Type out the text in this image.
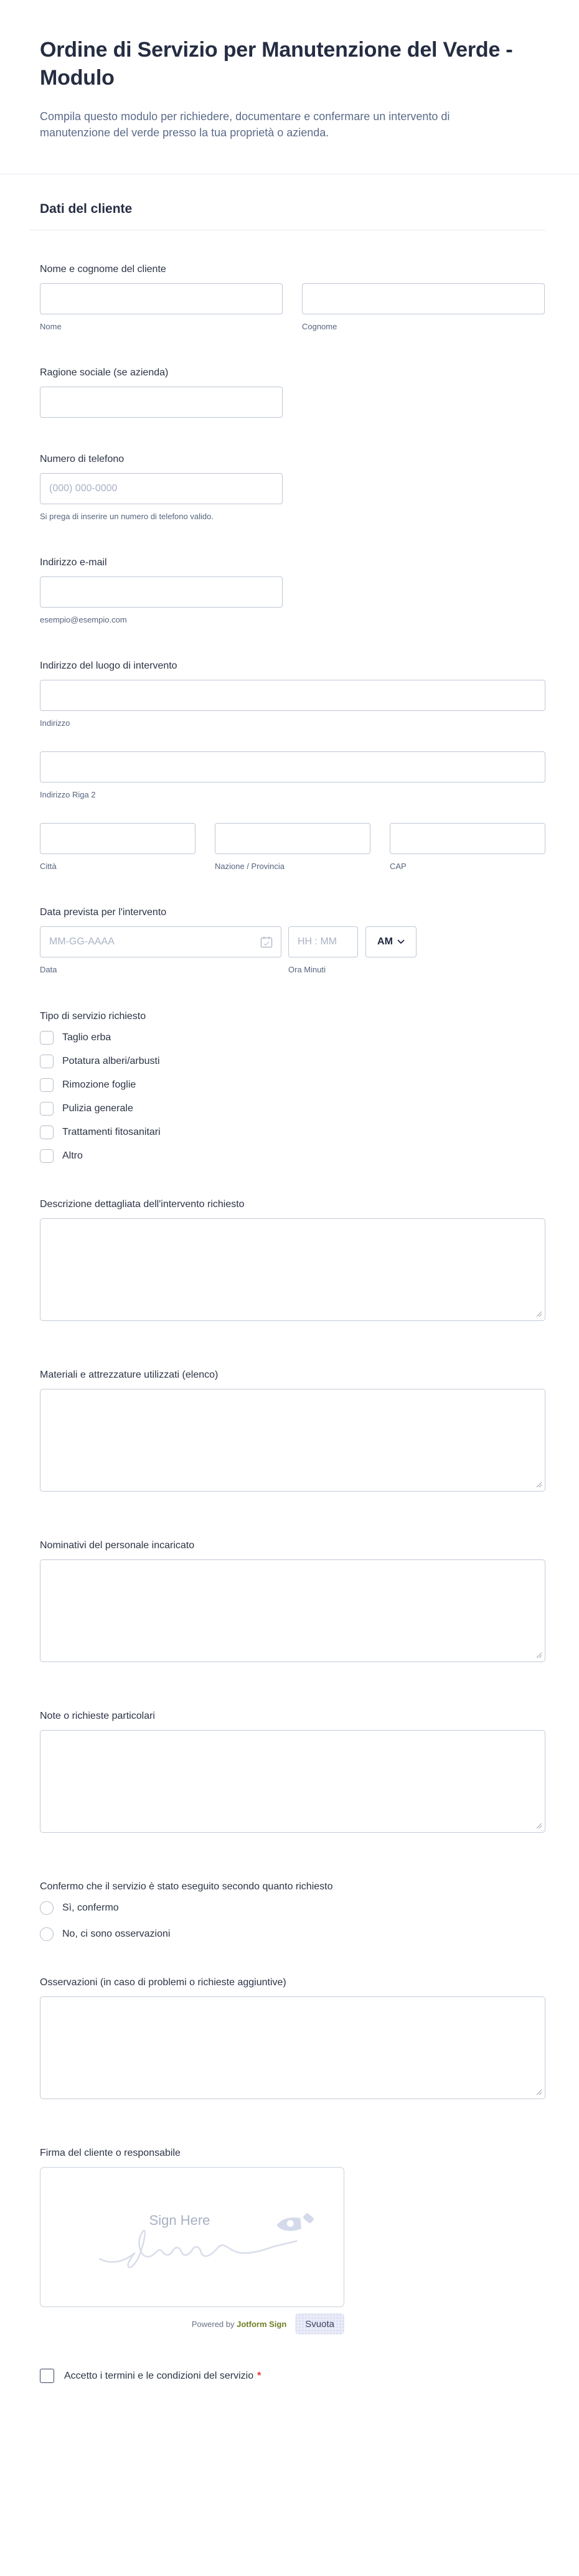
Ordine di Servizio per Manutenzione del Verde - Modulo

Compila questo modulo per richiedere, documentare e confermare un intervento di manutenzione del verde presso la tua proprietà o azienda.

Dati del cliente
Nome e cognome del cliente
Nome	Cognome
Ragione sociale (se azienda)
Numero di telefono
(000) 000-0000
Si prega di inserire un numero di telefono valido.
Indirizzo e-mail
esempio@esempio.com
Indirizzo del luogo di intervento
Indirizzo
Indirizzo Riga 2
Città	Nazione / Provincia	CAP
Data prevista per l'intervento
MM-GG-AAAA
HH : MM
AM
Data	Ora Minuti
Tipo di servizio richiesto
Taglio erba
Potatura alberi/arbusti
Rimozione foglie
Pulizia generale
Trattamenti fitosanitari
Altro
Descrizione dettagliata dell'intervento richiesto
Materiali e attrezzature utilizzati (elenco)
Nominativi del personale incaricato
Note o richieste particolari
Confermo che il servizio è stato eseguito secondo quanto richiesto
Sì, confermo
No, ci sono osservazioni
Osservazioni (in caso di problemi o richieste aggiuntive)
Firma del cliente o responsabile
Sign Here
Powered by Jotform Sign	Svuota
Accetto i termini e le condizioni del servizio *
